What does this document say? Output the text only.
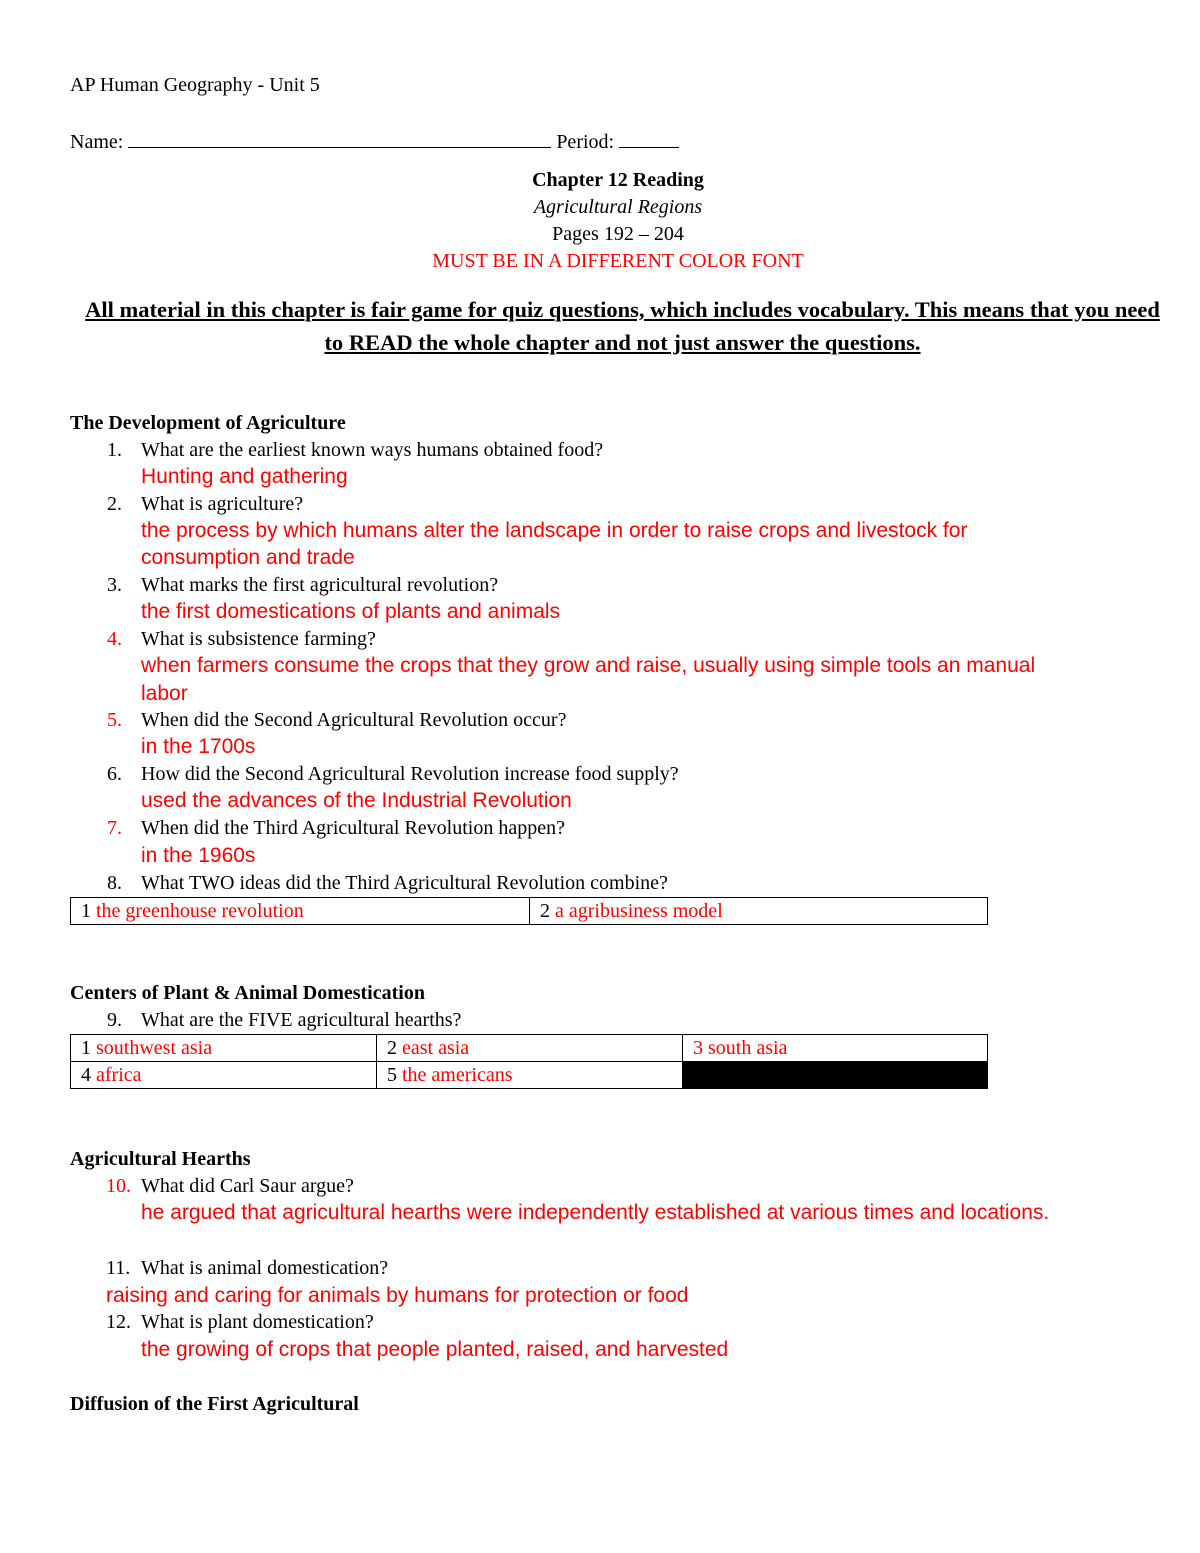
AP Human Geography - Unit 5
Name:	Period:
Chapter 12 Reading
Agricultural Regions
Pages 192 – 204
MUST BE IN A DIFFERENT COLOR FONT
All material in this chapter is fair game for quiz questions, which includes vocabulary. This means that you need to READ the whole chapter and not just answer the questions.
The Development of Agriculture
1. What are the earliest known ways humans obtained food?
Hunting and gathering
2. What is agriculture?
the process by which humans alter the landscape in order to raise crops and livestock for
consumption and trade
3. What marks the first agricultural revolution?
the first domestications of plants and animals
4. What is subsistence farming?
when farmers consume the crops that they grow and raise, usually using simple tools an manual
labor
5. When did the Second Agricultural Revolution occur?
in the 1700s
6. How did the Second Agricultural Revolution increase food supply?
used the advances of the Industrial Revolution
7. When did the Third Agricultural Revolution happen?
in the 1960s
8. What TWO ideas did the Third Agricultural Revolution combine?
1 the greenhouse revolution	2 a agribusiness model
Centers of Plant & Animal Domestication
9. What are the FIVE agricultural hearths?
1 southwest asia	2 east asia	3 south asia
4 africa	5 the americans	
Agricultural Hearths
10. What did Carl Saur argue?
he argued that agricultural hearths were independently established at various times and locations.
11. What is animal domestication?
raising and caring for animals by humans for protection or food
12. What is plant domestication?
the growing of crops that people planted, raised, and harvested
Diffusion of the First Agricultural
